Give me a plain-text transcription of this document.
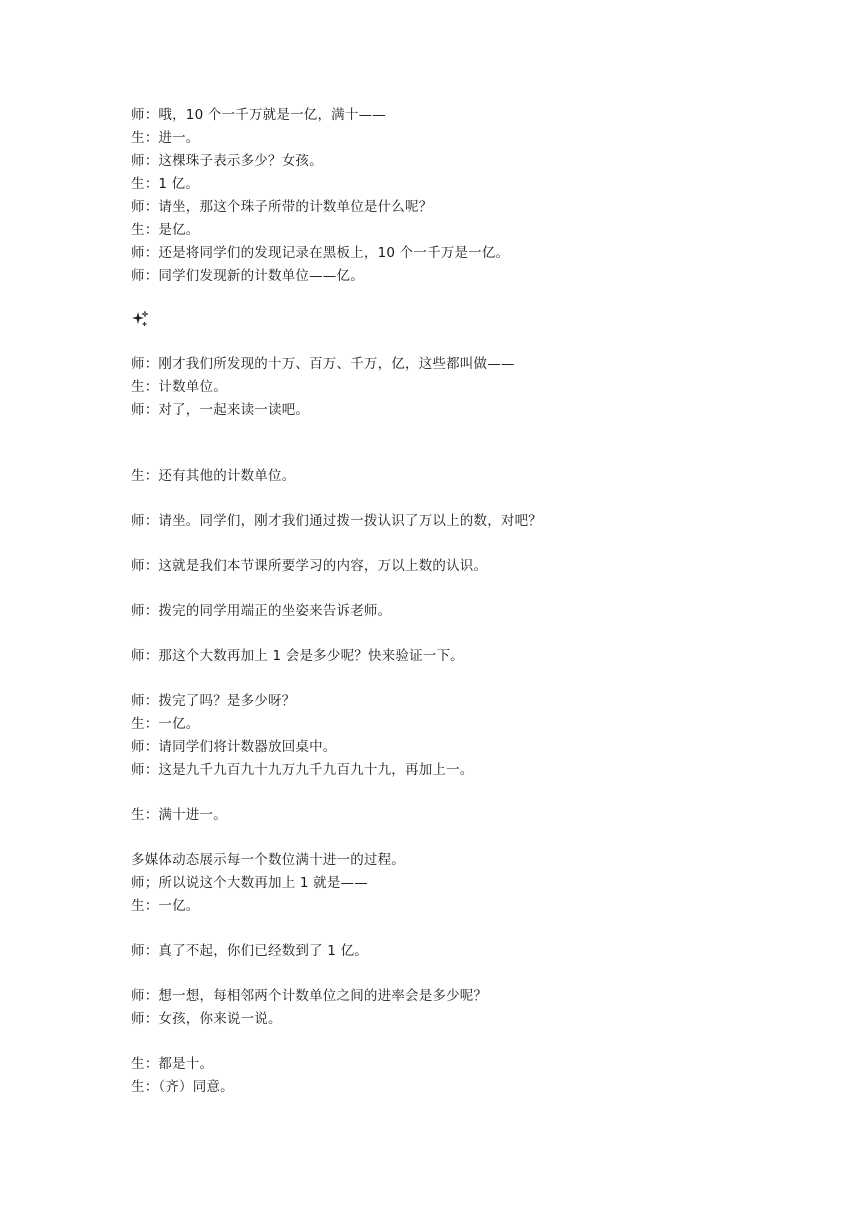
师：哦，10 个一千万就是一亿，满十——
生：进一。
师：这棵珠子表示多少？女孩。
生：1 亿。
师：请坐，那这个珠子所带的计数单位是什么呢？
生：是亿。
师：还是将同学们的发现记录在黑板上，10 个一千万是一亿。
师：同学们发现新的计数单位——亿。
师：刚才我们所发现的十万、百万、千万，亿，这些都叫做——
生：计数单位。
师：对了，一起来读一读吧。
生：还有其他的计数单位。
师：请坐。同学们，刚才我们通过拨一拨认识了万以上的数，对吧？
师：这就是我们本节课所要学习的内容，万以上数的认识。
师：拨完的同学用端正的坐姿来告诉老师。
师：那这个大数再加上 1 会是多少呢？快来验证一下。
师：拨完了吗？是多少呀？
生：一亿。
师：请同学们将计数器放回桌中。
师：这是九千九百九十九万九千九百九十九，再加上一。
生：满十进一。
多媒体动态展示每一个数位满十进一的过程。
师；所以说这个大数再加上 1 就是——
生：一亿。
师：真了不起，你们已经数到了 1 亿。
师：想一想，每相邻两个计数单位之间的进率会是多少呢？
师：女孩，你来说一说。
生：都是十。
生：（齐）同意。
